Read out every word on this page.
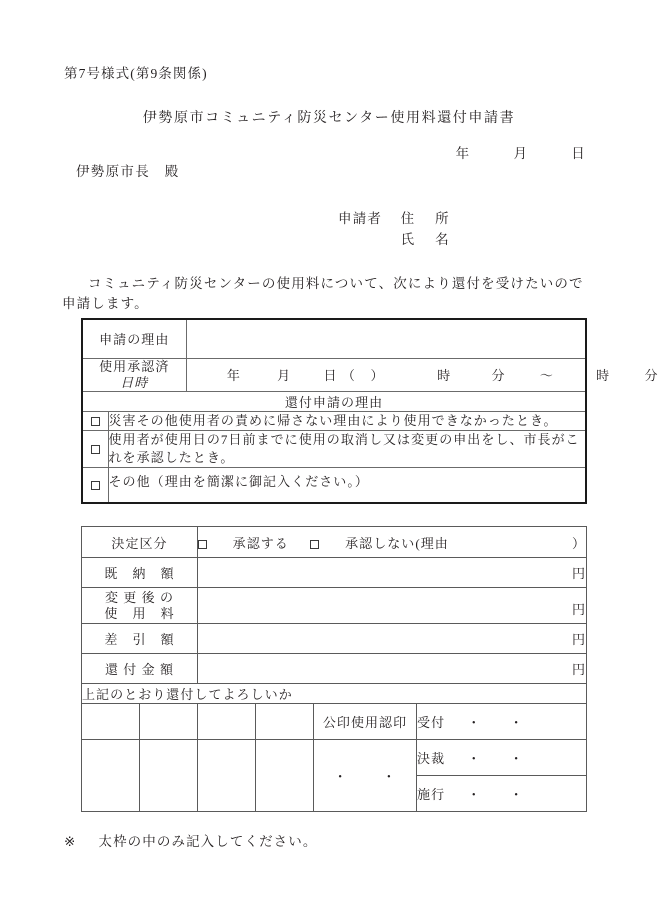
第7号様式(第9条関係)
伊勢原市コミュニティ防災センター使用料還付申請書
年	月	日
伊勢原市長　殿
申請者 住 所
氏 名
コミュニティ防災センターの使用料について、次により還付を受けたいので申請します。
申請の理由		

使用承認済
日時		年 月 日 （ ） 時 分 〜 時 分
還付申請の理由		
	災害その他使用者の責めに帰さない理由により使用できなかったとき。	
	使用者が使用日の7日前までに使用の取消し又は変更の申出をし、市長がこれを承認したとき。	
	その他（理由を簡潔に御記入ください。）	
決定区分		承認する 承認しない(理由 ）			

既　納　額		円			

変 更 後 の
使　用　料		円			
差　引　額		円			
還 付 金 額		円			
上記のとおり還付してよろしいか					
				公印使用認印	受付 ・ ・
				・ ・	決裁 ・ ・
					施行 ・ ・
※ 太枠の中のみ記入してください。
